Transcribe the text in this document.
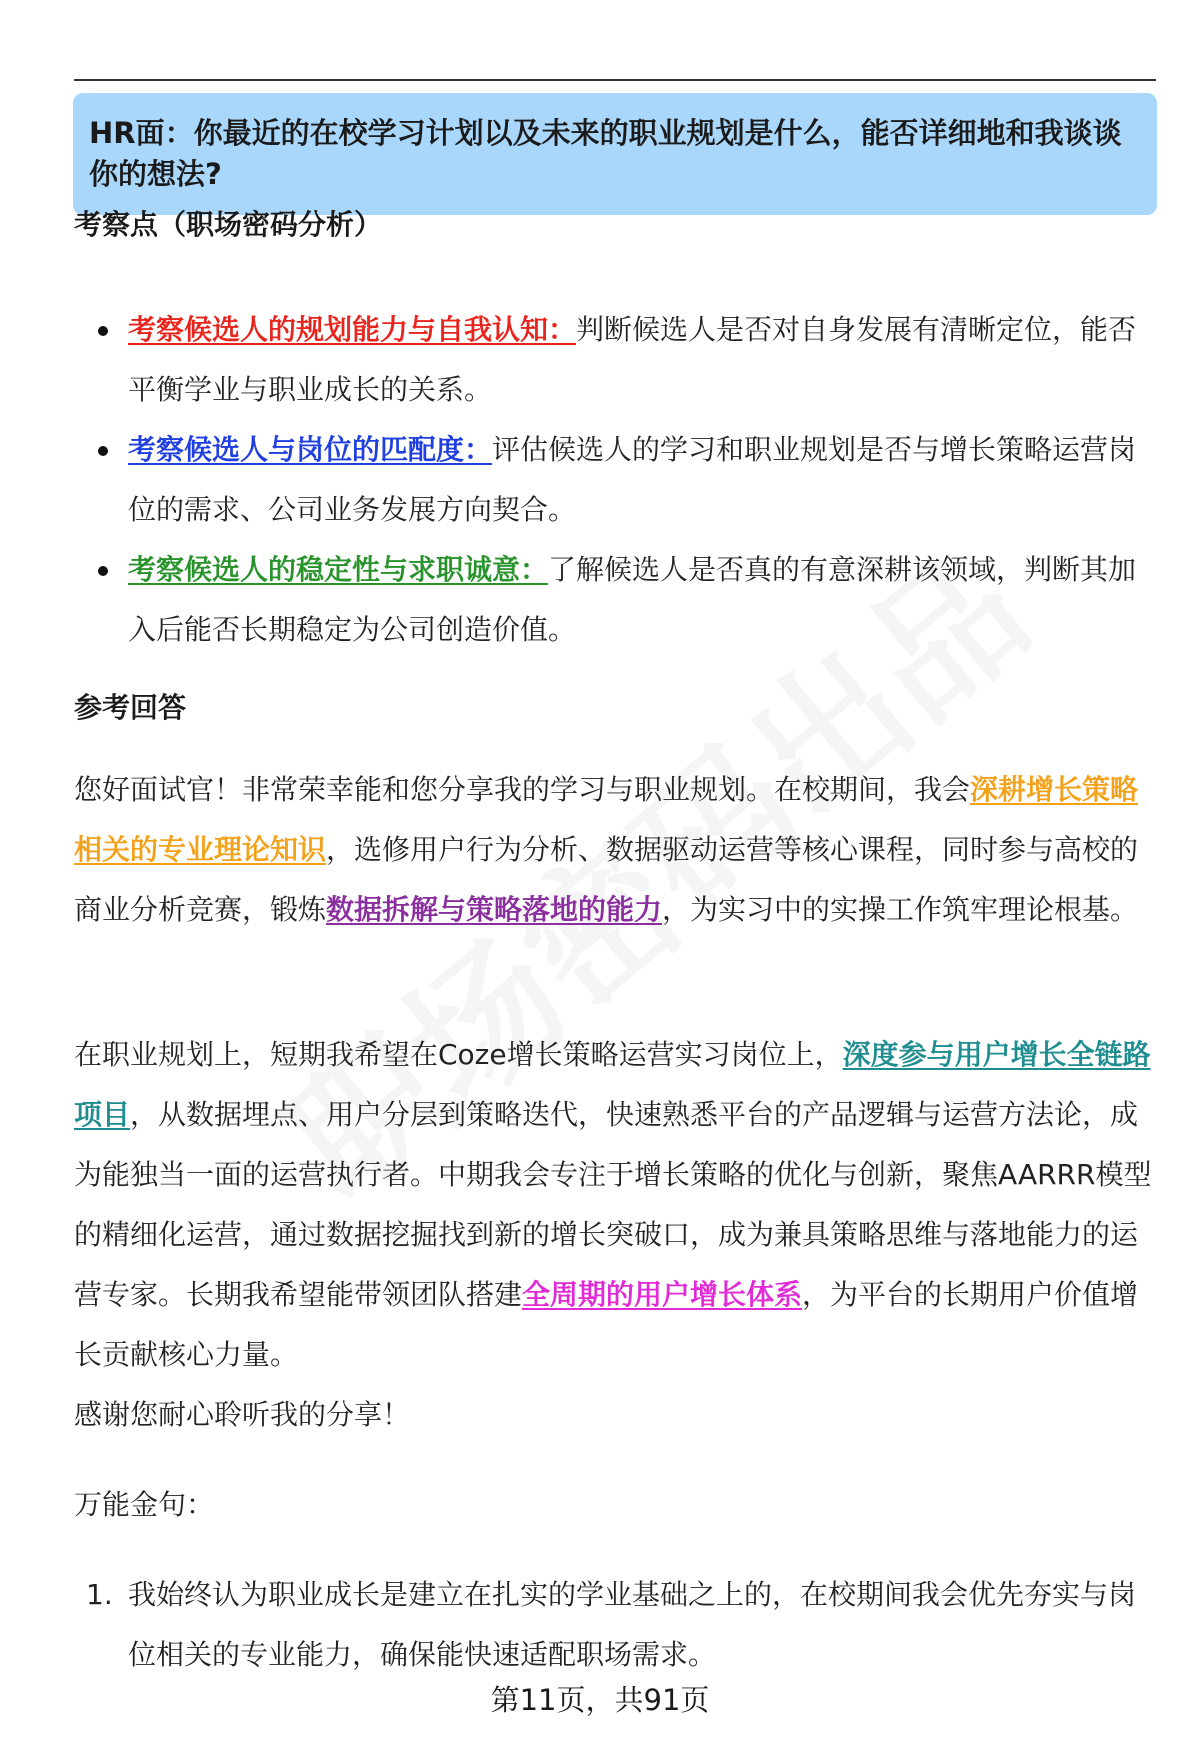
HR面：你最近的在校学习计划以及未来的职业规划是什么，能否详细地和我谈谈你的想法?
考察点（职场密码分析）
考察候选人的规划能力与自我认知：判断候选人是否对自身发展有清晰定位，能否平衡学业与职业成长的关系。
考察候选人与岗位的匹配度：评估候选人的学习和职业规划是否与增长策略运营岗位的需求、公司业务发展方向契合。
考察候选人的稳定性与求职诚意：了解候选人是否真的有意深耕该领域，判断其加入后能否长期稳定为公司创造价值。
参考回答

您好面试官！非常荣幸能和您分享我的学习与职业规划。在校期间，我会深耕增长策略相关的专业理论知识，选修用户行为分析、数据驱动运营等核心课程，同时参与高校的商业分析竞赛，锻炼数据拆解与策略落地的能力，为实习中的实操工作筑牢理论根基。

在职业规划上，短期我希望在Coze增长策略运营实习岗位上，深度参与用户增长全链路项目，从数据埋点、用户分层到策略迭代，快速熟悉平台的产品逻辑与运营方法论，成为能独当一面的运营执行者。中期我会专注于增长策略的优化与创新，聚焦AARRR模型的精细化运营，通过数据挖掘找到新的增长突破口，成为兼具策略思维与落地能力的运营专家。长期我希望能带领团队搭建全周期的用户增长体系，为平台的长期用户价值增长贡献核心力量。

感谢您耐心聆听我的分享！

万能金句：

1. 我始终认为职业成长是建立在扎实的学业基础之上的，在校期间我会优先夯实与岗位相关的专业能力，确保能快速适配职场需求。
第11页，共91页
